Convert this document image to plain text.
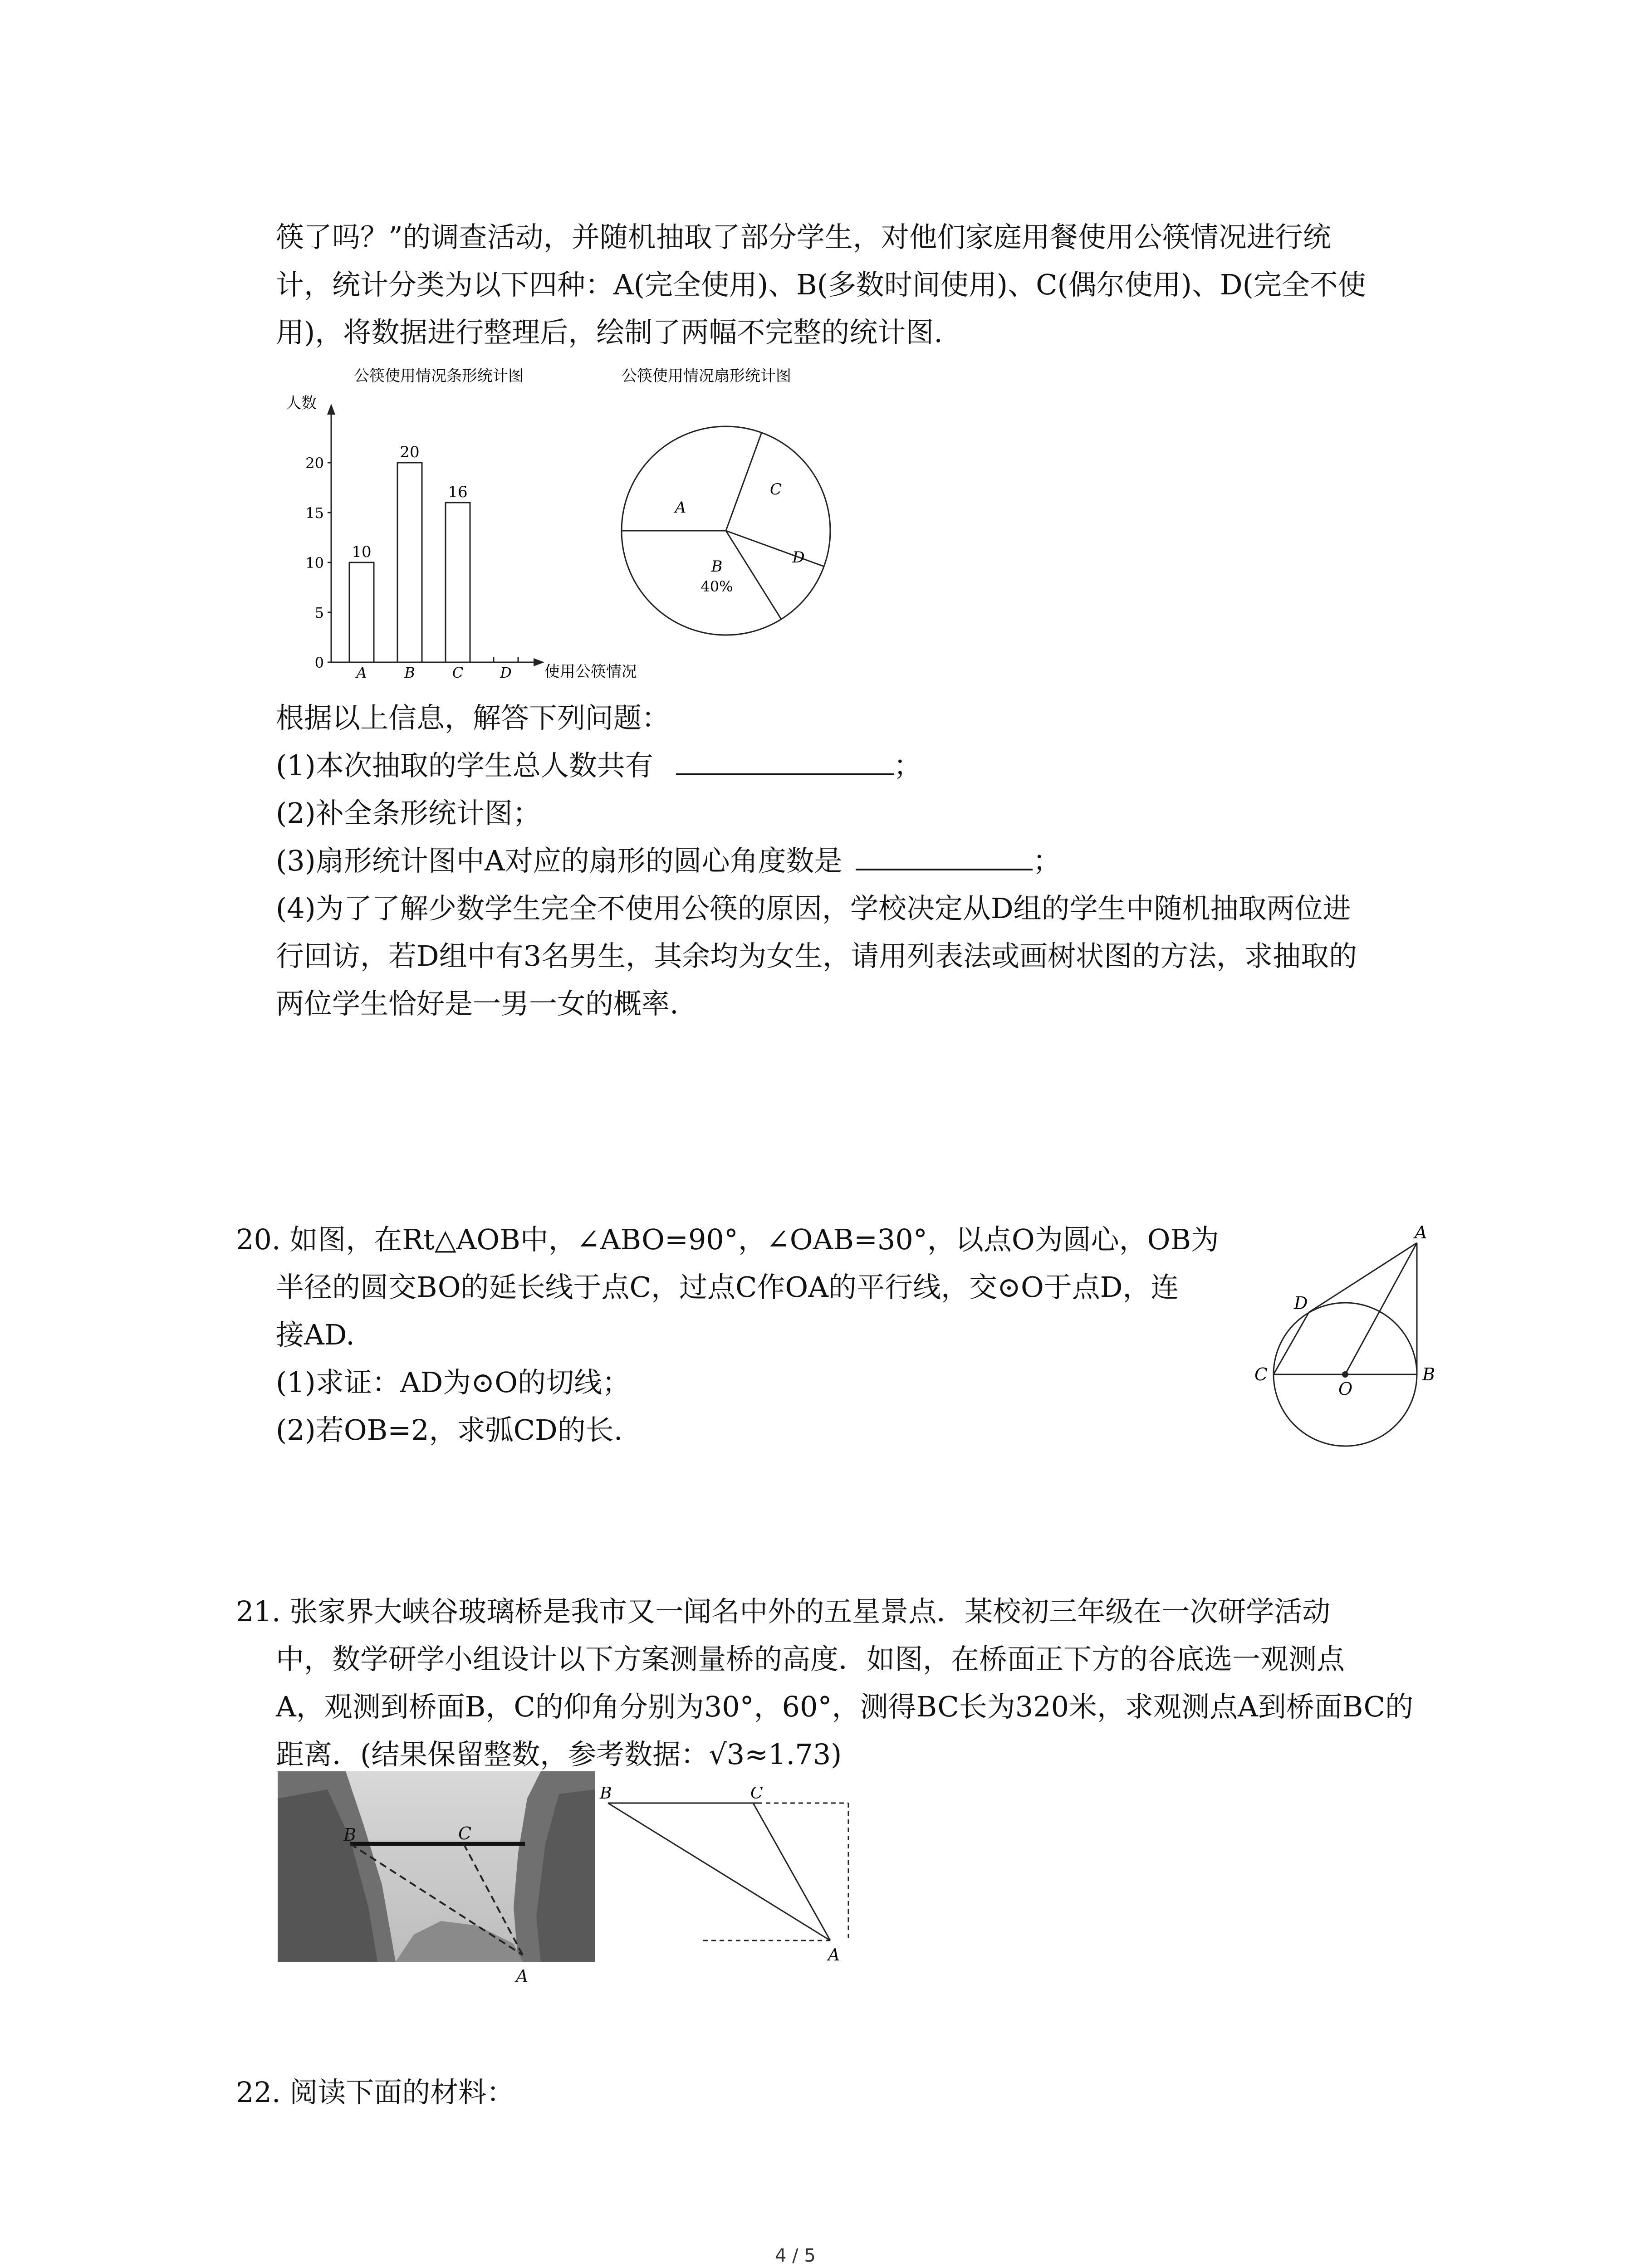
筷了吗？”的调查活动，并随机抽取了部分学生，对他们家庭用餐使用公筷情况进行统
计，统计分类为以下四种：A(完全使用)、B(多数时间使用)、C(偶尔使用)、D(完全不使
用)，将数据进行整理后，绘制了两幅不完整的统计图.
公筷使用情况条形统计图
人数
0
5
10
15
20
10
A
20
B
16
C	D 使用公筷情况
公筷使用情况扇形统计图
A
B
40%
C
D
根据以上信息，解答下列问题：
(1)本次抽取的学生总人数共有	；
(2)补全条形统计图；
(3)扇形统计图中A对应的扇形的圆心角度数是	；
(4)为了了解少数学生完全不使用公筷的原因，学校决定从D组的学生中随机抽取两位进
行回访，若D组中有3名男生，其余均为女生，请用列表法或画树状图的方法，求抽取的
两位学生恰好是一男一女的概率.
20. 如图，在Rt△AOB中，∠ABO=90°，∠OAB=30°，以点O为圆心，OB为
半径的圆交BO的延长线于点C，过点C作OA的平行线，交⊙O于点D，连
接AD.
(1)求证：AD为⊙O的切线；
(2)若OB=2，求弧CD的长.
A
B
C
D
O
21. 张家界大峡谷玻璃桥是我市又一闻名中外的五星景点．某校初三年级在一次研学活动
中，数学研学小组设计以下方案测量桥的高度．如图，在桥面正下方的谷底选一观测点
A，观测到桥面B，C的仰角分别为30°，60°，测得BC长为320米，求观测点A到桥面BC的
距离．(结果保留整数，参考数据：√3≈1.73)
B	C
A
B	C
A
22. 阅读下面的材料：
4 / 5
